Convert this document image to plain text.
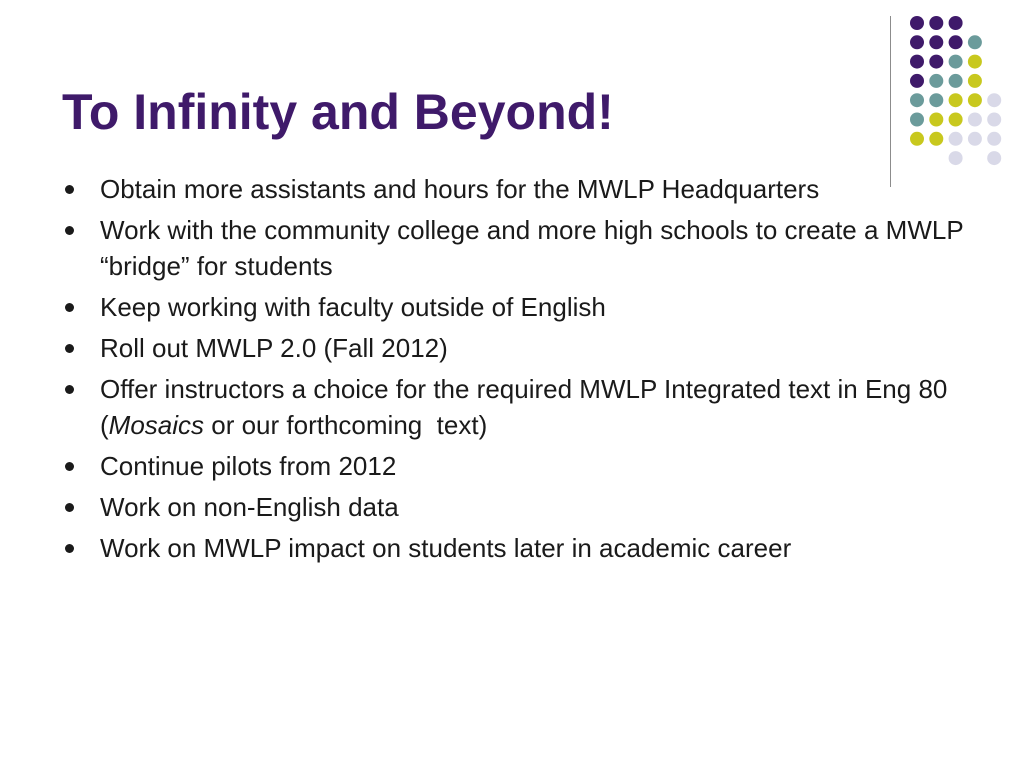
To Infinity and Beyond!
Obtain more assistants and hours for the MWLP Headquarters
Work with the community college and more high schools to create a MWLP “bridge” for students
Keep working with faculty outside of English
Roll out MWLP 2.0 (Fall 2012)
Offer instructors a choice for the required MWLP Integrated text in Eng 80 (Mosaics or our forthcoming  text)
Continue pilots from 2012
Work on non-English data
Work on MWLP impact on students later in academic career
